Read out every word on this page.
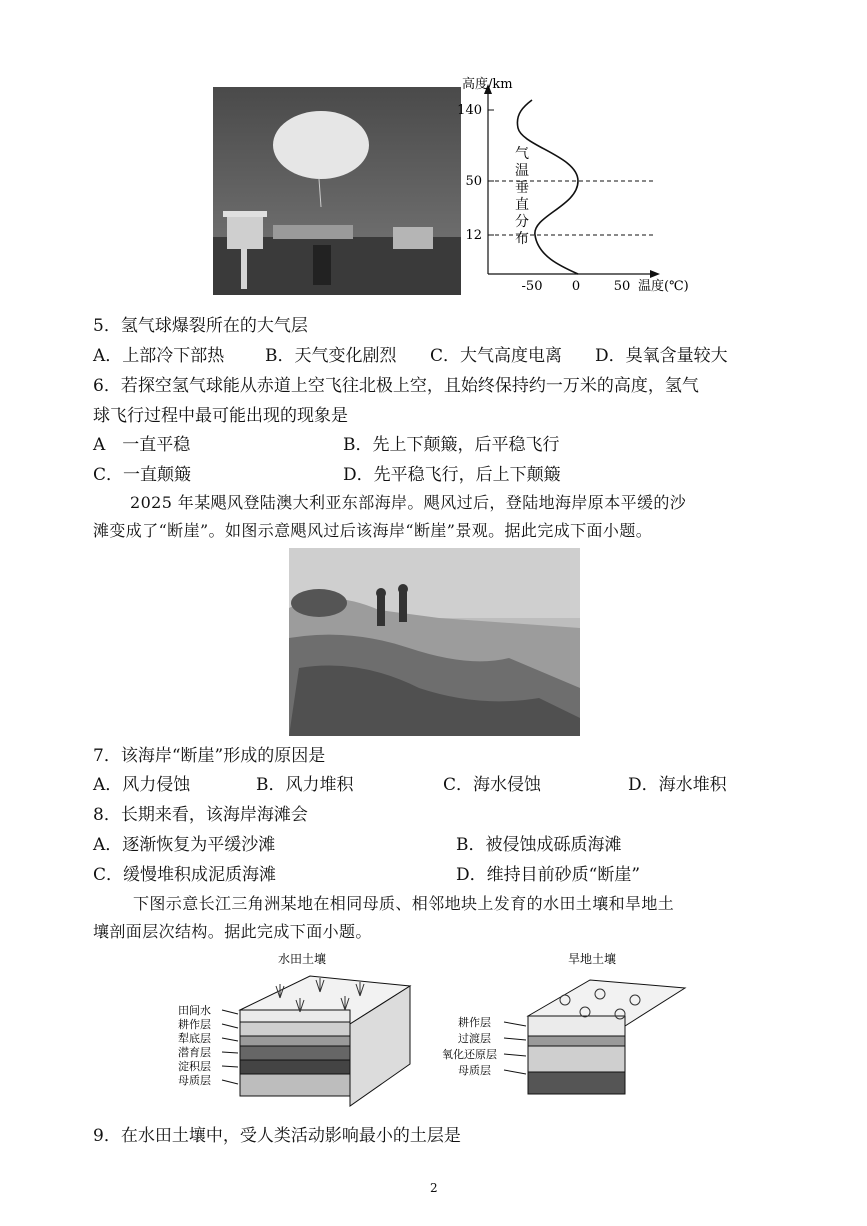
140
50
12
-50 0	50
高度/km
温度(℃)
气
温
垂
直
分
布
5．氢气球爆裂所在的大气层
A．上部冷下部热 B．天气变化剧烈 C．大气高度电离 D．臭氧含量较大
6．若探空氢气球能从赤道上空飞往北极上空，且始终保持约一万米的高度，氢气
球飞行过程中最可能出现的现象是
A　一直平稳	B．先上下颠簸，后平稳飞行
C．一直颠簸	D．先平稳飞行，后上下颠簸
2025 年某飓风登陆澳大利亚东部海岸。飓风过后，登陆地海岸原本平缓的沙
滩变成了“断崖”。如图示意飓风过后该海岸“断崖”景观。据此完成下面小题。
7．该海岸“断崖”形成的原因是
A．风力侵蚀	B．风力堆积	C．海水侵蚀	D．海水堆积
8．长期来看，该海岸海滩会
A．逐渐恢复为平缓沙滩	B．被侵蚀成砾质海滩
C．缓慢堆积成泥质海滩	D．维持目前砂质“断崖”
下图示意长江三角洲某地在相同母质、相邻地块上发育的水田土壤和旱地土
壤剖面层次结构。据此完成下面小题。
水田土壤
田间水
耕作层
犁底层
潜育层
淀积层
母质层
旱地土壤
耕作层
过渡层
氧化还原层
母质层
9．在水田土壤中，受人类活动影响最小的土层是
2
